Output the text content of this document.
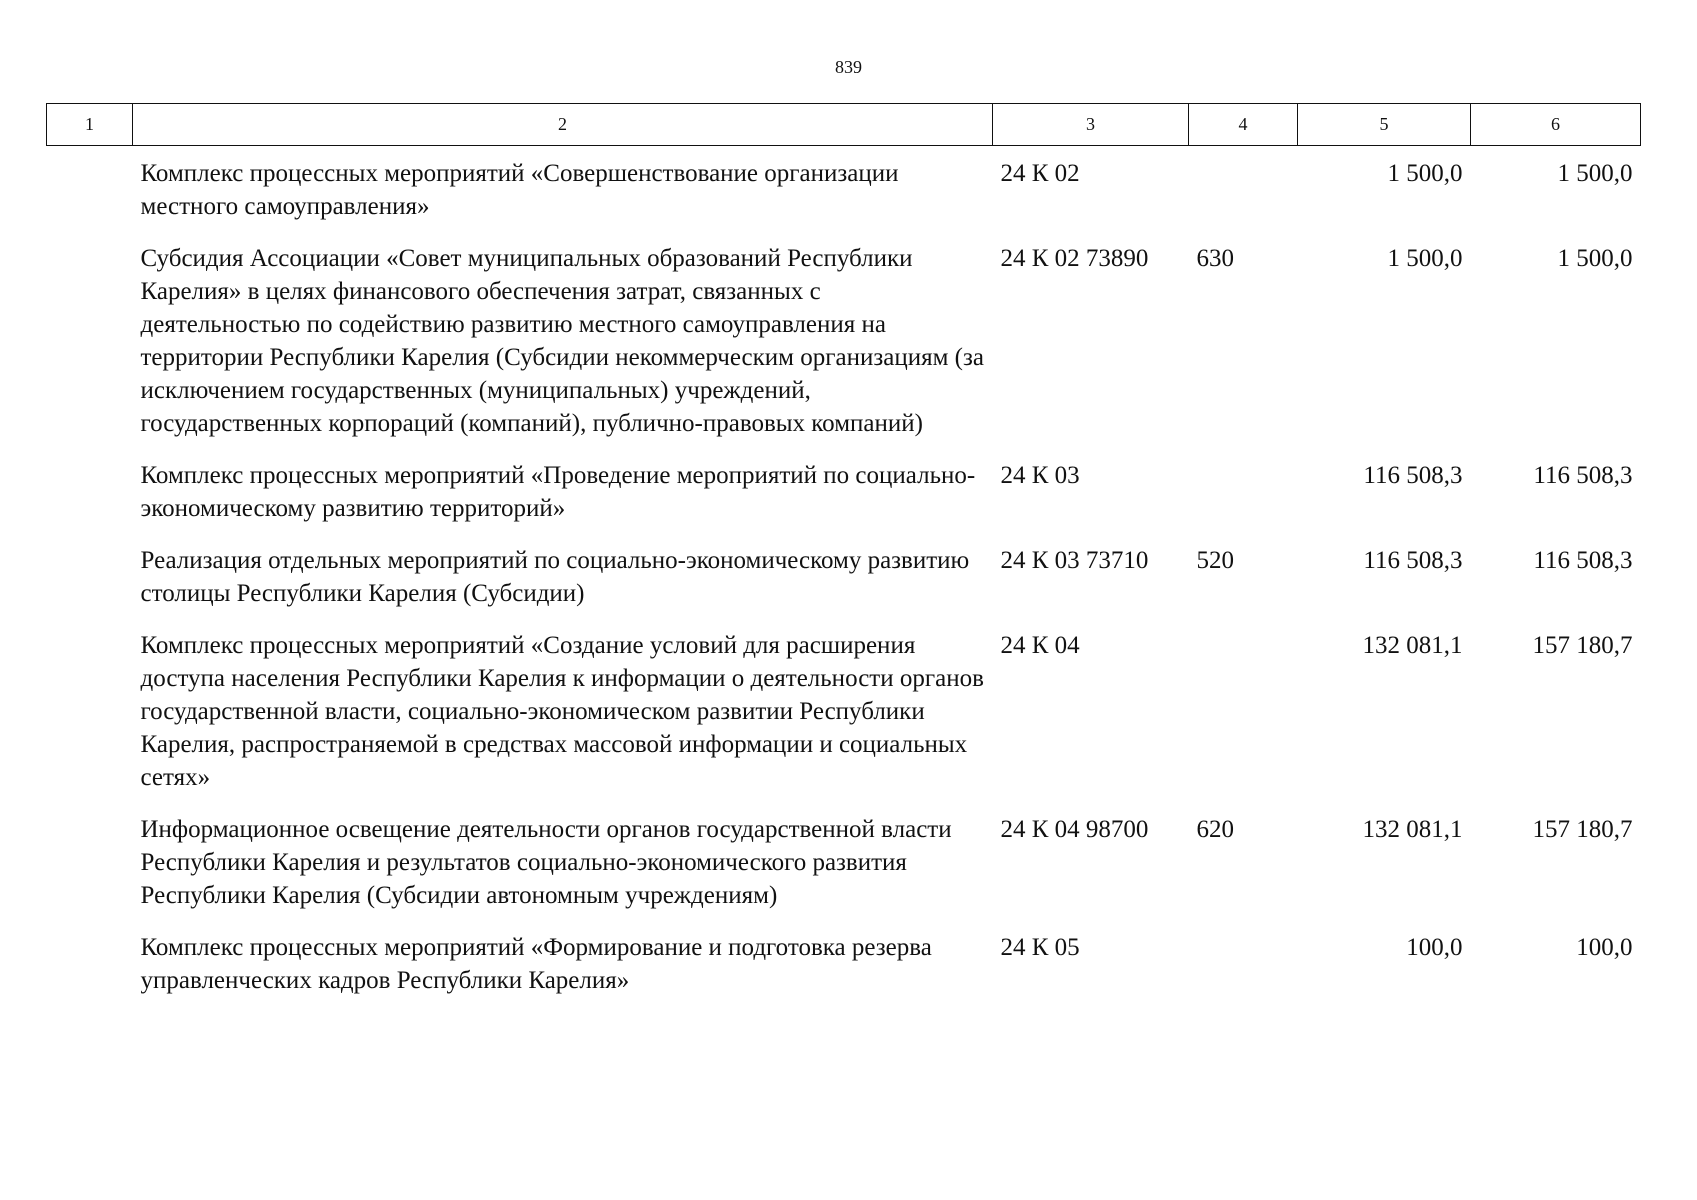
839
1	2	3	4	5	6
	Комплекс процессных мероприятий «Совершенствование организации местного самоуправления»	24 К 02		1 500,0	1 500,0
	Субсидия Ассоциации «Совет муниципальных образований Республики Карелия» в целях финансового обеспечения затрат, связанных с деятельностью по содействию развитию местного самоуправления на территории Республики Карелия (Субсидии некоммерческим организациям (за исключением государственных (муниципальных) учреждений, государственных корпораций (компаний), публично-правовых компаний)	24 К 02 73890	630	1 500,0	1 500,0
	Комплекс процессных мероприятий «Проведение мероприятий по социально-экономическому развитию территорий»	24 К 03		116 508,3	116 508,3
	Реализация отдельных мероприятий по социально-экономическому развитию столицы Республики Карелия (Субсидии)	24 К 03 73710	520	116 508,3	116 508,3
	Комплекс процессных мероприятий «Создание условий для расширения доступа населения Республики Карелия к информации о деятельности органов государственной власти, социально-экономическом развитии Республики Карелия, распространяемой в средствах массовой информации и социальных сетях»	24 К 04		132 081,1	157 180,7
	Информационное освещение деятельности органов государственной власти Республики Карелия и результатов социально-экономического развития Республики Карелия (Субсидии автономным учреждениям)	24 К 04 98700	620	132 081,1	157 180,7
	Комплекс процессных мероприятий «Формирование и подготовка резерва управленческих кадров Республики Карелия»	24 К 05		100,0	100,0
